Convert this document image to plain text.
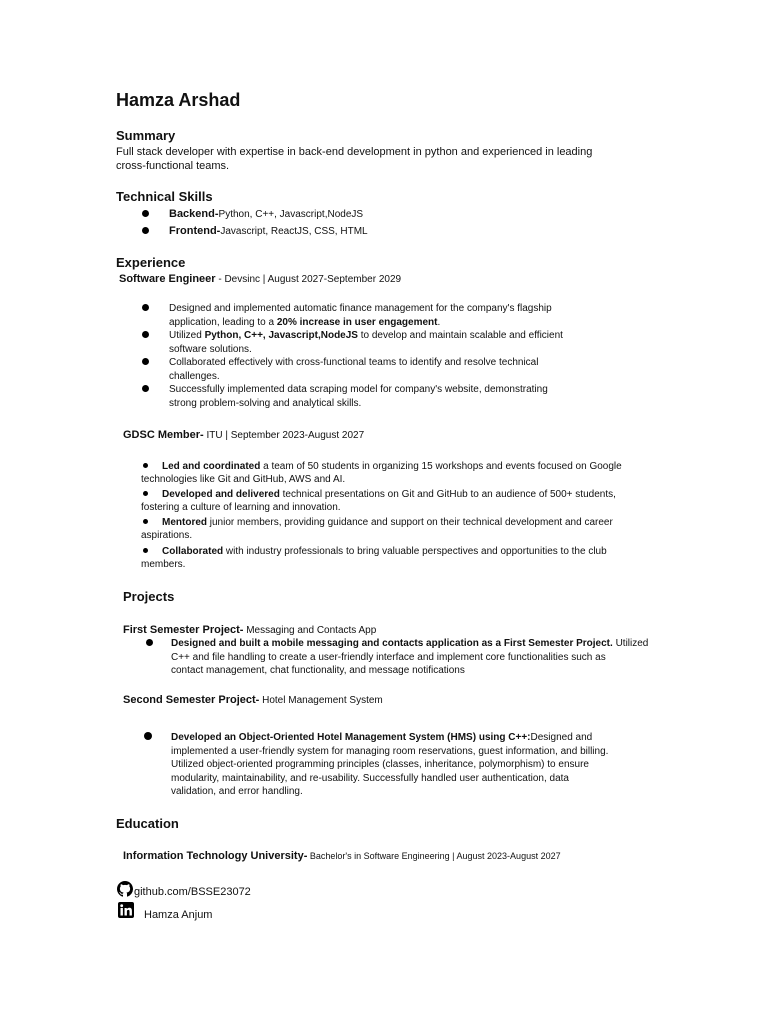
Hamza Arshad
Summary
Full stack developer with expertise in back-end development in python and experienced in leading
cross-functional teams.
Technical Skills
Backend-Python, C++, Javascript,NodeJS
Frontend-Javascript, ReactJS, CSS, HTML
Experience
Software Engineer - Devsinc | August 2027-September 2029
Designed and implemented automatic finance management for the company's flagship
application, leading to a 20% increase in user engagement.
Utilized Python, C++, Javascript,NodeJS to develop and maintain scalable and efficient
software solutions.
Collaborated effectively with cross-functional teams to identify and resolve technical
challenges.
Successfully implemented data scraping model for company's website, demonstrating
strong problem-solving and analytical skills.
GDSC Member- ITU | September 2023-August 2027
Led and coordinated a team of 50 students in organizing 15 workshops and events focused on Google
technologies like Git and GitHub, AWS and AI.
Developed and delivered technical presentations on Git and GitHub to an audience of 500+ students,
fostering a culture of learning and innovation.
Mentored junior members, providing guidance and support on their technical development and career
aspirations.
Collaborated with industry professionals to bring valuable perspectives and opportunities to the club
members.
Projects
First Semester Project- Messaging and Contacts App
Designed and built a mobile messaging and contacts application as a First Semester Project. Utilized
C++ and file handling to create a user-friendly interface and implement core functionalities such as
contact management, chat functionality, and message notifications
Second Semester Project- Hotel Management System
Developed an Object-Oriented Hotel Management System (HMS) using C++:Designed and
implemented a user-friendly system for managing room reservations, guest information, and billing.
Utilized object-oriented programming principles (classes, inheritance, polymorphism) to ensure
modularity, maintainability, and re-usability. Successfully handled user authentication, data
validation, and error handling.
Education
Information Technology University- Bachelor's in Software Engineering | August 2023-August 2027
github.com/BSSE23072
Hamza Anjum
